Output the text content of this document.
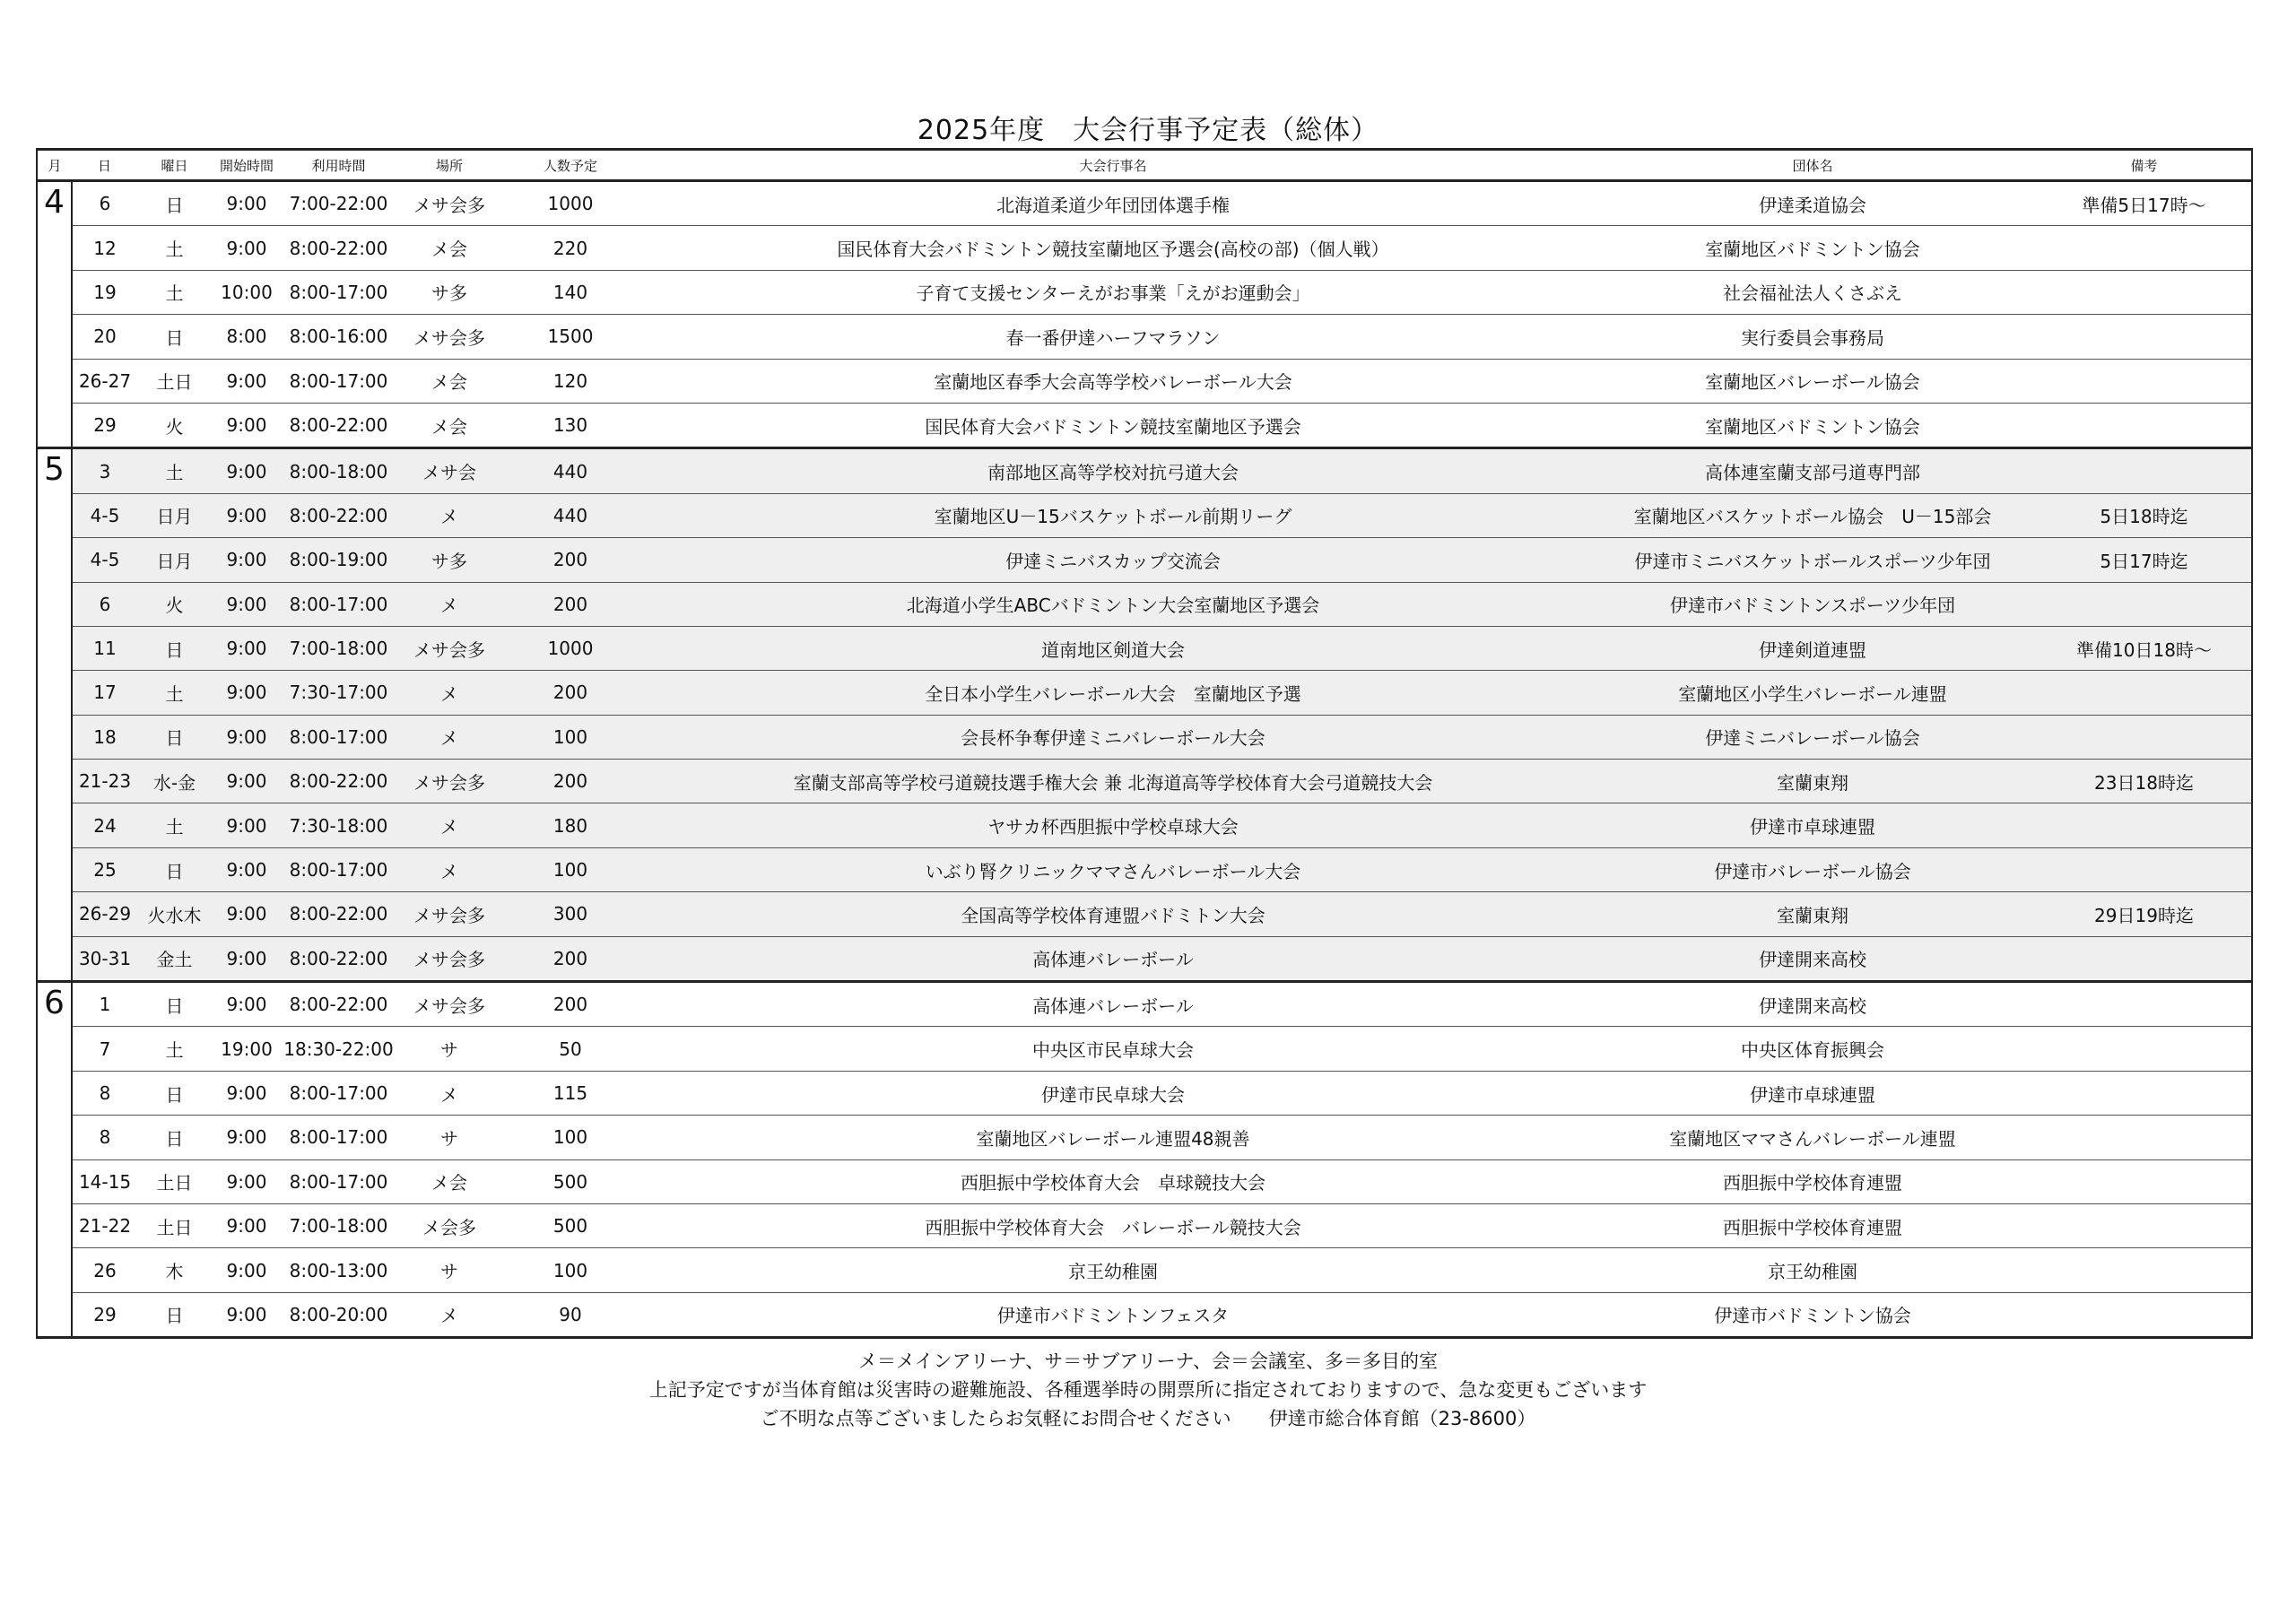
2025年度　大会行事予定表（総体）
月	日	曜日	開始時間	利用時間	場所	人数予定	大会行事名	団体名	備考
4	6	日	9:00	7:00-22:00	メサ会多	1000	北海道柔道少年団団体選手権	伊達柔道協会	準備5日17時～
	12	土	9:00	8:00-22:00	メ会	220	国民体育大会バドミントン競技室蘭地区予選会(高校の部)（個人戦）	室蘭地区バドミントン協会	
	19	土	10:00	8:00-17:00	サ多	140	子育て支援センターえがお事業「えがお運動会」	社会福祉法人くさぶえ	
	20	日	8:00	8:00-16:00	メサ会多	1500	春一番伊達ハーフマラソン	実行委員会事務局	
	26-27	土日	9:00	8:00-17:00	メ会	120	室蘭地区春季大会高等学校バレーボール大会	室蘭地区バレーボール協会	
	29	火	9:00	8:00-22:00	メ会	130	国民体育大会バドミントン競技室蘭地区予選会	室蘭地区バドミントン協会	
5	3	土	9:00	8:00-18:00	メサ会	440	南部地区高等学校対抗弓道大会	高体連室蘭支部弓道専門部	
	4-5	日月	9:00	8:00-22:00	メ	440	室蘭地区U－15バスケットボール前期リーグ	室蘭地区バスケットボール協会　U－15部会	5日18時迄
	4-5	日月	9:00	8:00-19:00	サ多	200	伊達ミニバスカップ交流会	伊達市ミニバスケットボールスポーツ少年団	5日17時迄
	6	火	9:00	8:00-17:00	メ	200	北海道小学生ABCバドミントン大会室蘭地区予選会	伊達市バドミントンスポーツ少年団	
	11	日	9:00	7:00-18:00	メサ会多	1000	道南地区剣道大会	伊達剣道連盟	準備10日18時～
	17	土	9:00	7:30-17:00	メ	200	全日本小学生バレーボール大会　室蘭地区予選	室蘭地区小学生バレーボール連盟	
	18	日	9:00	8:00-17:00	メ	100	会長杯争奪伊達ミニバレーボール大会	伊達ミニバレーボール協会	
	21-23	水-金	9:00	8:00-22:00	メサ会多	200	室蘭支部高等学校弓道競技選手権大会 兼 北海道高等学校体育大会弓道競技大会	室蘭東翔	23日18時迄
	24	土	9:00	7:30-18:00	メ	180	ヤサカ杯西胆振中学校卓球大会	伊達市卓球連盟	
	25	日	9:00	8:00-17:00	メ	100	いぶり腎クリニックママさんバレーボール大会	伊達市バレーボール協会	
	26-29	火水木	9:00	8:00-22:00	メサ会多	300	全国高等学校体育連盟バドミトン大会	室蘭東翔	29日19時迄
	30-31	金土	9:00	8:00-22:00	メサ会多	200	高体連バレーボール	伊達開来高校	
6	1	日	9:00	8:00-22:00	メサ会多	200	高体連バレーボール	伊達開来高校	
	7	土	19:00	18:30-22:00	サ	50	中央区市民卓球大会	中央区体育振興会	
	8	日	9:00	8:00-17:00	メ	115	伊達市民卓球大会	伊達市卓球連盟	
	8	日	9:00	8:00-17:00	サ	100	室蘭地区バレーボール連盟48親善	室蘭地区ママさんバレーボール連盟	
	14-15	土日	9:00	8:00-17:00	メ会	500	西胆振中学校体育大会　卓球競技大会	西胆振中学校体育連盟	
	21-22	土日	9:00	7:00-18:00	メ会多	500	西胆振中学校体育大会　バレーボール競技大会	西胆振中学校体育連盟	
	26	木	9:00	8:00-13:00	サ	100	京王幼稚園	京王幼稚園	
	29	日	9:00	8:00-20:00	メ	90	伊達市バドミントンフェスタ	伊達市バドミントン協会	
メ＝メインアリーナ、サ＝サブアリーナ、会＝会議室、多＝多目的室
上記予定ですが当体育館は災害時の避難施設、各種選挙時の開票所に指定されておりますので、急な変更もございます
ご不明な点等ございましたらお気軽にお問合せください　　伊達市総合体育館（23-8600）
